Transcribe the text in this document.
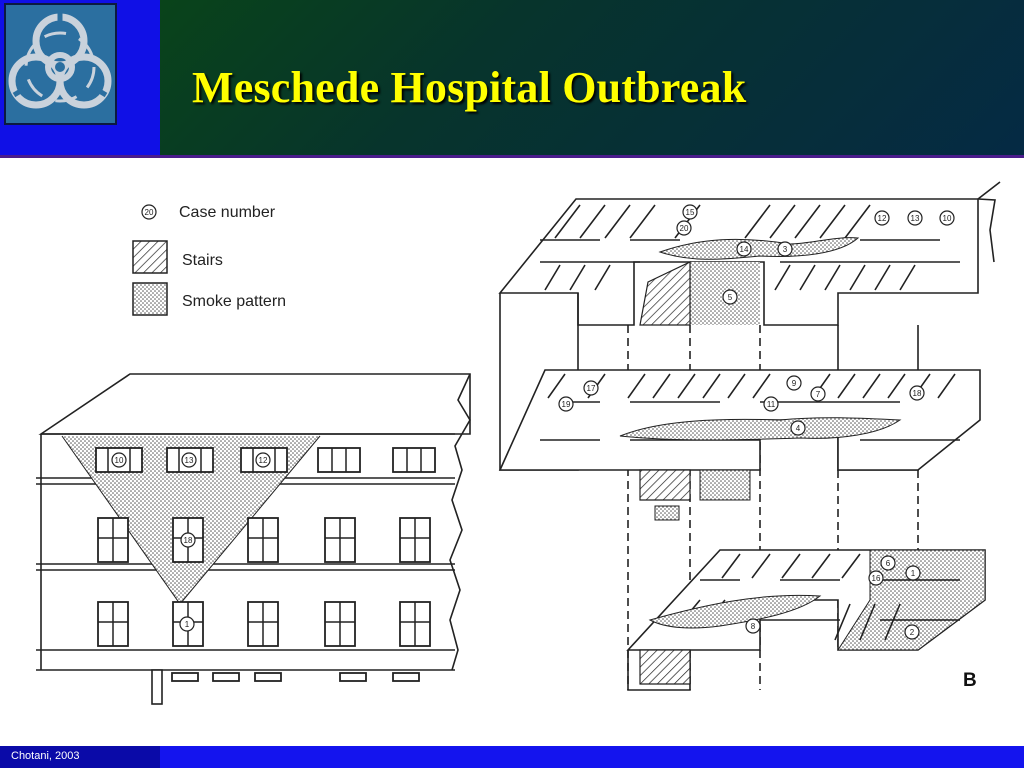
Meschede Hospital Outbreak
20 Case number
Stairs
Smoke pattern
10	13	12
18
1
15
20
14	3
5
12	13	10
17
19
9
7
11
4
18
6
16
1
8
2
B
Chotani, 2003
